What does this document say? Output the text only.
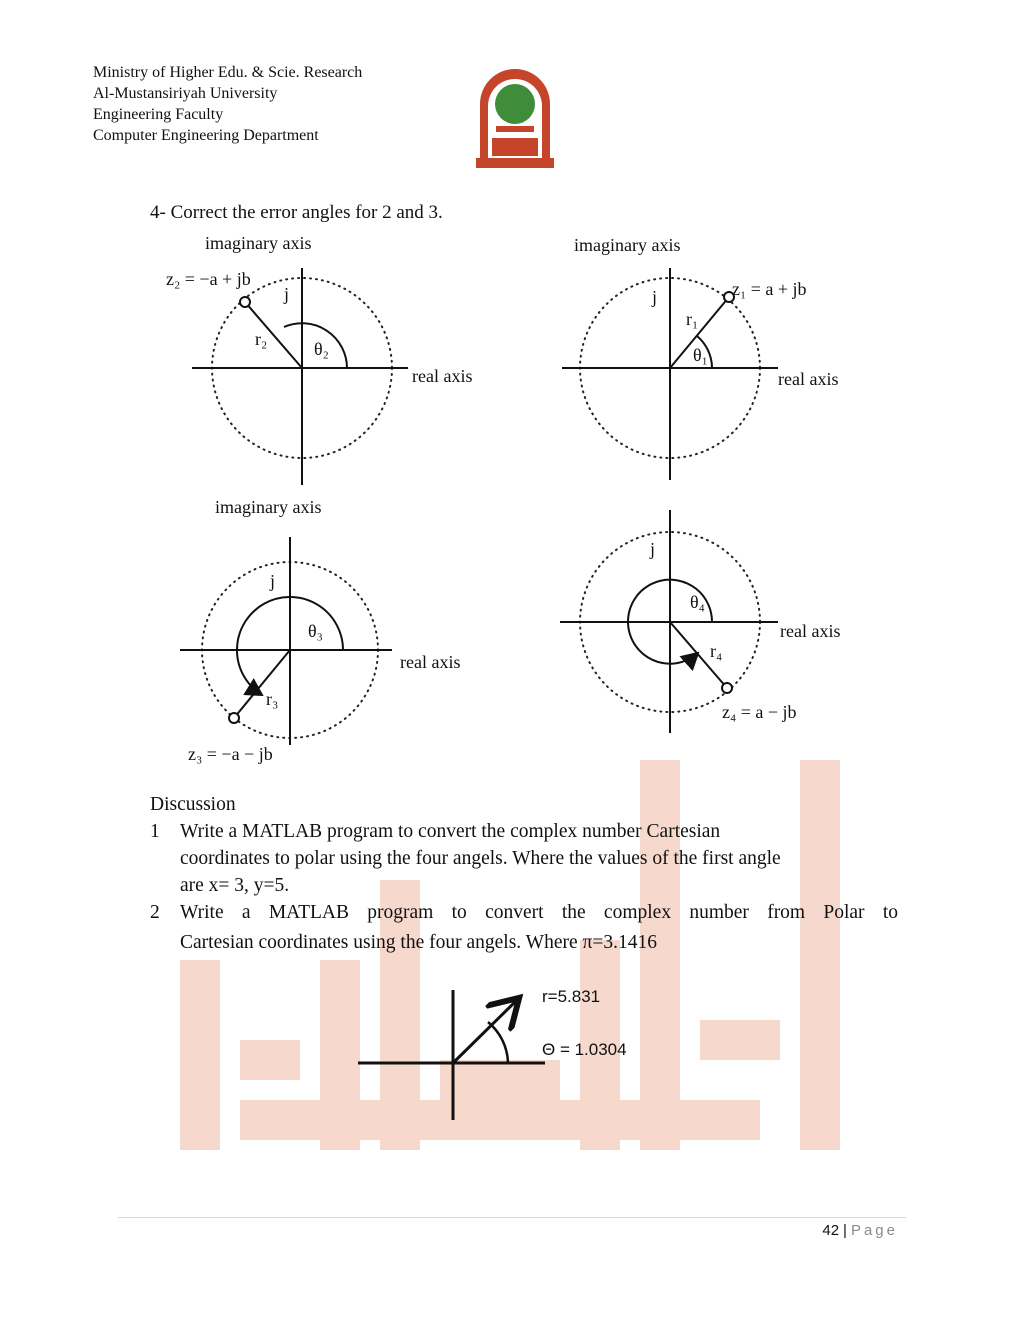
Ministry of Higher Edu. & Scie. Research
Al-Mustansiriyah University
Engineering Faculty
Computer Engineering Department
4- Correct the error angles for 2 and 3.
imaginary axis
z₂ = −a + jb
j
r₂	θ₂
real axis
imaginary axis
z₁ = a + jb
j
r₁
θ₁
real axis
imaginary axis
j
θ₃
r₃
real axis
z₃ = −a − jb
j
θ₄
real axis
r₄
z₄ = a − jb
Discussion
1	Write a MATLAB program to convert the complex number Cartesian
coordinates to polar using the four angels. Where the values of the first angle
are x= 3, y=5.
2	Write a MATLAB program to convert the complex number from Polar to
Cartesian coordinates using the four angels. Where π=3.1416
r=5.831
Θ = 1.0304
42 | Page
